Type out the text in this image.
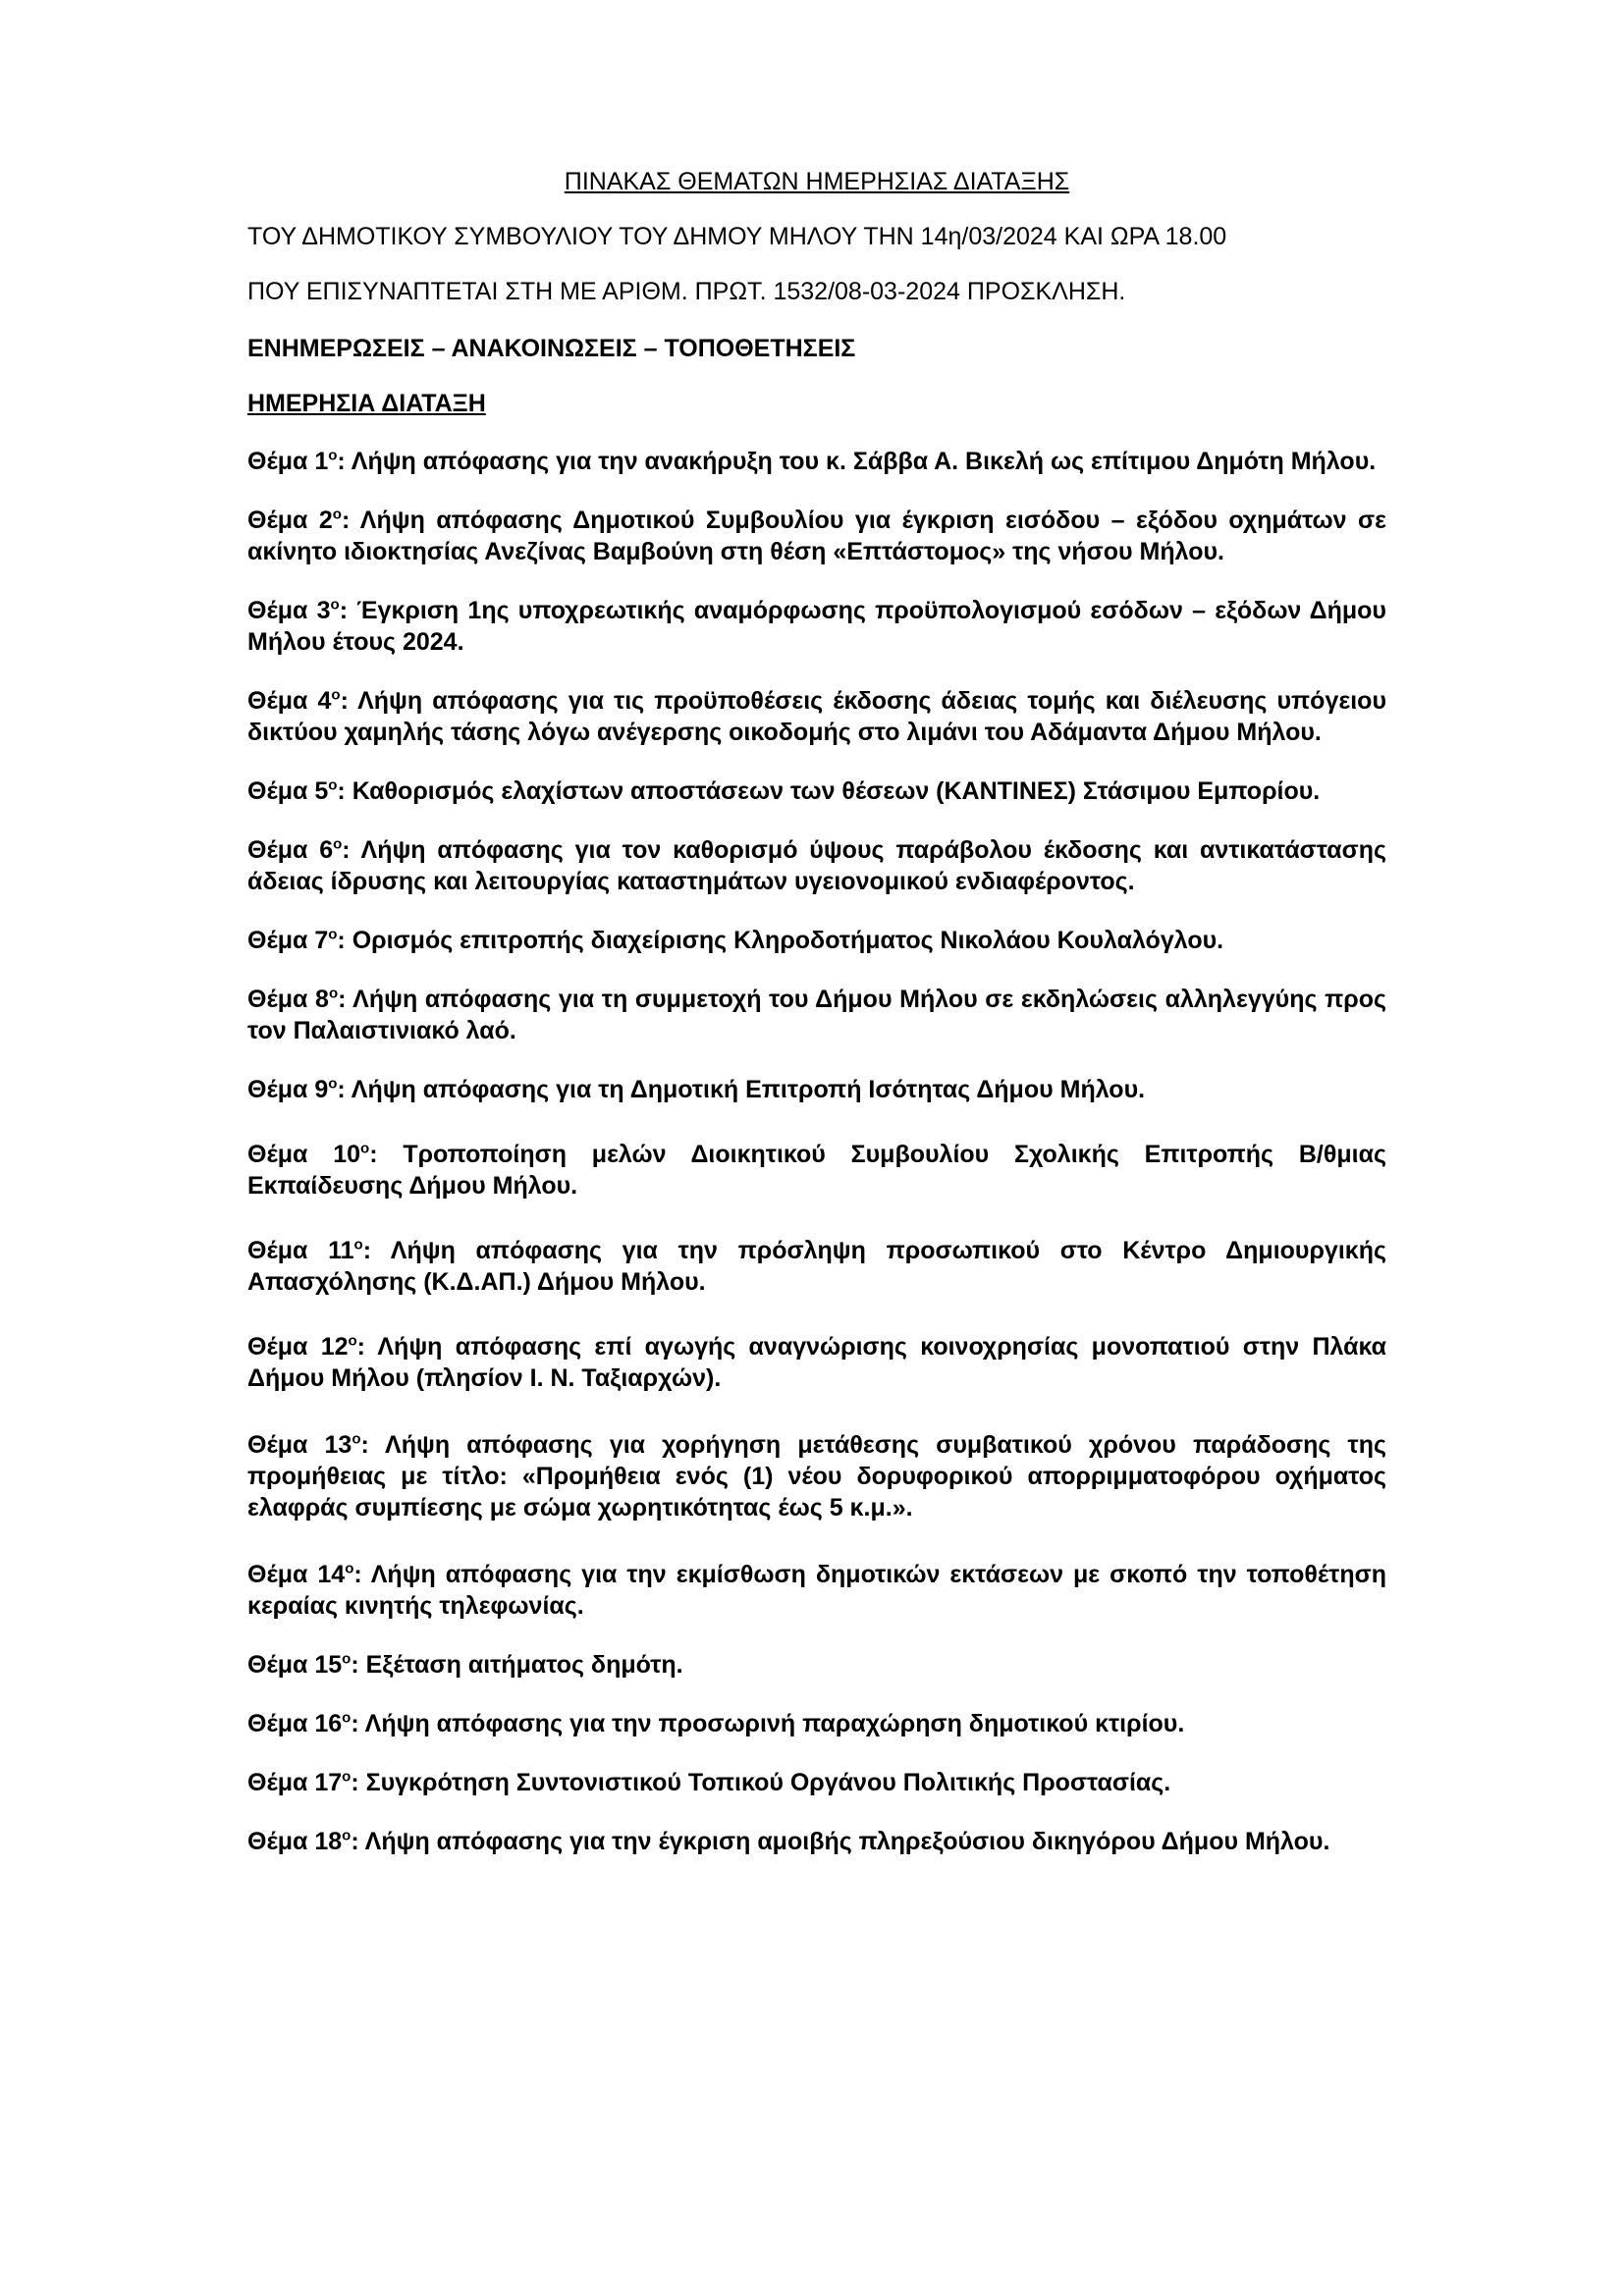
ΠΙΝΑΚΑΣ ΘΕΜΑΤΩΝ ΗΜΕΡΗΣΙΑΣ ΔΙΑΤΑΞΗΣ

ΤΟΥ ΔΗΜΟΤΙΚΟΥ ΣΥΜΒΟΥΛΙΟΥ ΤΟΥ ΔΗΜΟΥ ΜΗΛΟΥ ΤΗΝ 14η/03/2024 ΚΑΙ ΩΡΑ 18.00

ΠΟΥ ΕΠΙΣΥΝΑΠΤΕΤΑΙ ΣΤΗ ΜΕ ΑΡΙΘΜ. ΠΡΩΤ. 1532/08-03-2024 ΠΡΟΣΚΛΗΣΗ.

ΕΝΗΜΕΡΩΣΕΙΣ – ΑΝΑΚΟΙΝΩΣΕΙΣ – ΤΟΠΟΘΕΤΗΣΕΙΣ

ΗΜΕΡΗΣΙΑ ΔΙΑΤΑΞΗ

Θέμα $1^o$: Λήψη απόφασης για την ανακήρυξη του κ. Σάββα Α. Βικελή ως επίτιμου Δημότη Μήλου.
Θέμα $2^o$: Λήψη απόφασης Δημοτικού Συμβουλίου για έγκριση εισόδου – εξόδου οχημάτων σε ακίνητο ιδιοκτησίας Ανεζίνας Βαμβούνη στη θέση «Επτάστομος» της νήσου Μήλου.
Θέμα $3^o$: Έγκριση 1ης υποχρεωτικής αναμόρφωσης προϋπολογισμού εσόδων – εξόδων Δήμου Μήλου έτους 2024.
Θέμα $4^o$: Λήψη απόφασης για τις προϋποθέσεις έκδοσης άδειας τομής και διέλευσης υπόγειου δικτύου χαμηλής τάσης λόγω ανέγερσης οικοδομής στο λιμάνι του Αδάμαντα Δήμου Μήλου.
Θέμα $5^o$: Καθορισμός ελαχίστων αποστάσεων των θέσεων (ΚΑΝΤΙΝΕΣ) Στάσιμου Εμπορίου.
Θέμα $6^o$: Λήψη απόφασης για τον καθορισμό ύψους παράβολου έκδοσης και αντικατάστασης άδειας ίδρυσης και λειτουργίας καταστημάτων υγειονομικού ενδιαφέροντος.
Θέμα $7^o$: Ορισμός επιτροπής διαχείρισης Κληροδοτήματος Νικολάου Κουλαλόγλου.
Θέμα $8^o$: Λήψη απόφασης για τη συμμετοχή του Δήμου Μήλου σε εκδηλώσεις αλληλεγγύης προς τον Παλαιστινιακό λαό.
Θέμα $9^o$: Λήψη απόφασης για τη Δημοτική Επιτροπή Ισότητας Δήμου Μήλου.
Θέμα $10^o$: Τροποποίηση μελών Διοικητικού Συμβουλίου Σχολικής Επιτροπής Β/θμιας Εκπαίδευσης Δήμου Μήλου.
Θέμα $11^o$: Λήψη απόφασης για την πρόσληψη προσωπικού στο Κέντρο Δημιουργικής Απασχόλησης (Κ.Δ.ΑΠ.) Δήμου Μήλου.
Θέμα $12^o$: Λήψη απόφασης επί αγωγής αναγνώρισης κοινοχρησίας μονοπατιού στην Πλάκα Δήμου Μήλου (πλησίον Ι. Ν. Ταξιαρχών).
Θέμα $13^o$: Λήψη απόφασης για χορήγηση μετάθεσης συμβατικού χρόνου παράδοσης της προμήθειας με τίτλο: «Προμήθεια ενός (1) νέου δορυφορικού απορριμματοφόρου οχήματος ελαφράς συμπίεσης με σώμα χωρητικότητας έως 5 κ.μ.».
Θέμα $14^o$: Λήψη απόφασης για την εκμίσθωση δημοτικών εκτάσεων με σκοπό την τοποθέτηση κεραίας κινητής τηλεφωνίας.
Θέμα $15^o$: Εξέταση αιτήματος δημότη.
Θέμα $16^o$: Λήψη απόφασης για την προσωρινή παραχώρηση δημοτικού κτιρίου.
Θέμα $17^o$: Συγκρότηση Συντονιστικού Τοπικού Οργάνου Πολιτικής Προστασίας.
Θέμα $18^o$: Λήψη απόφασης για την έγκριση αμοιβής πληρεξούσιου δικηγόρου Δήμου Μήλου.
